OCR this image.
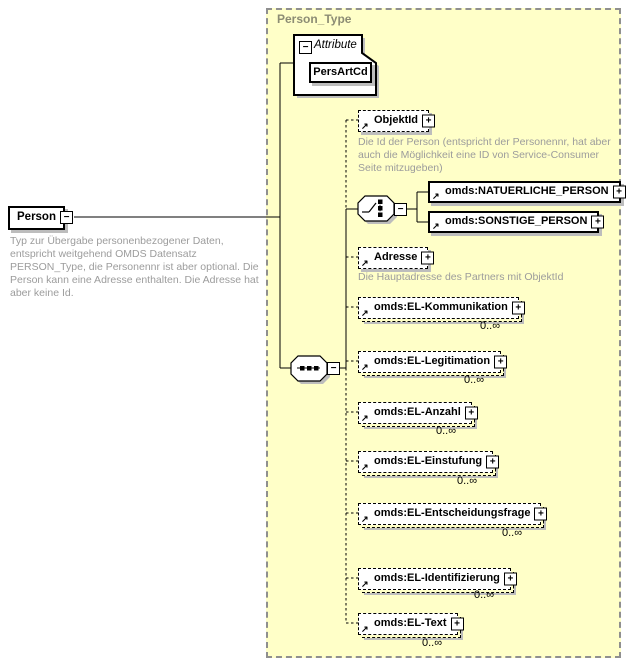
Person_Type
Person −
Typ zur Übergabe personenbezogener Daten, entspricht weitgehend OMDS Datensatz PERSON_Type, die Personennr ist aber optional. Die Person kann eine Adresse enthalten. Die Adresse hat aber keine Id.
− Attribute
PersArtCd
−
−
↗ ObjektId +
Die Id der Person (entspricht der Personennr, hat aber auch die Möglichkeit eine ID von Service-Consumer Seite mitzugeben)
↗ omds:NATUERLICHE_PERSON +
↗ omds:SONSTIGE_PERSON +
↗ Adresse +
Die Hauptadresse des Partners mit ObjektId
↗ omds:EL-Kommunikation +
0..∞
↗ omds:EL-Legitimation +
0..∞
↗ omds:EL-Anzahl +
0..∞
↗ omds:EL-Einstufung +
0..∞
↗ omds:EL-Entscheidungsfrage +
0..∞
↗ omds:EL-Identifizierung +
0..∞
↗ omds:EL-Text +
0..∞
